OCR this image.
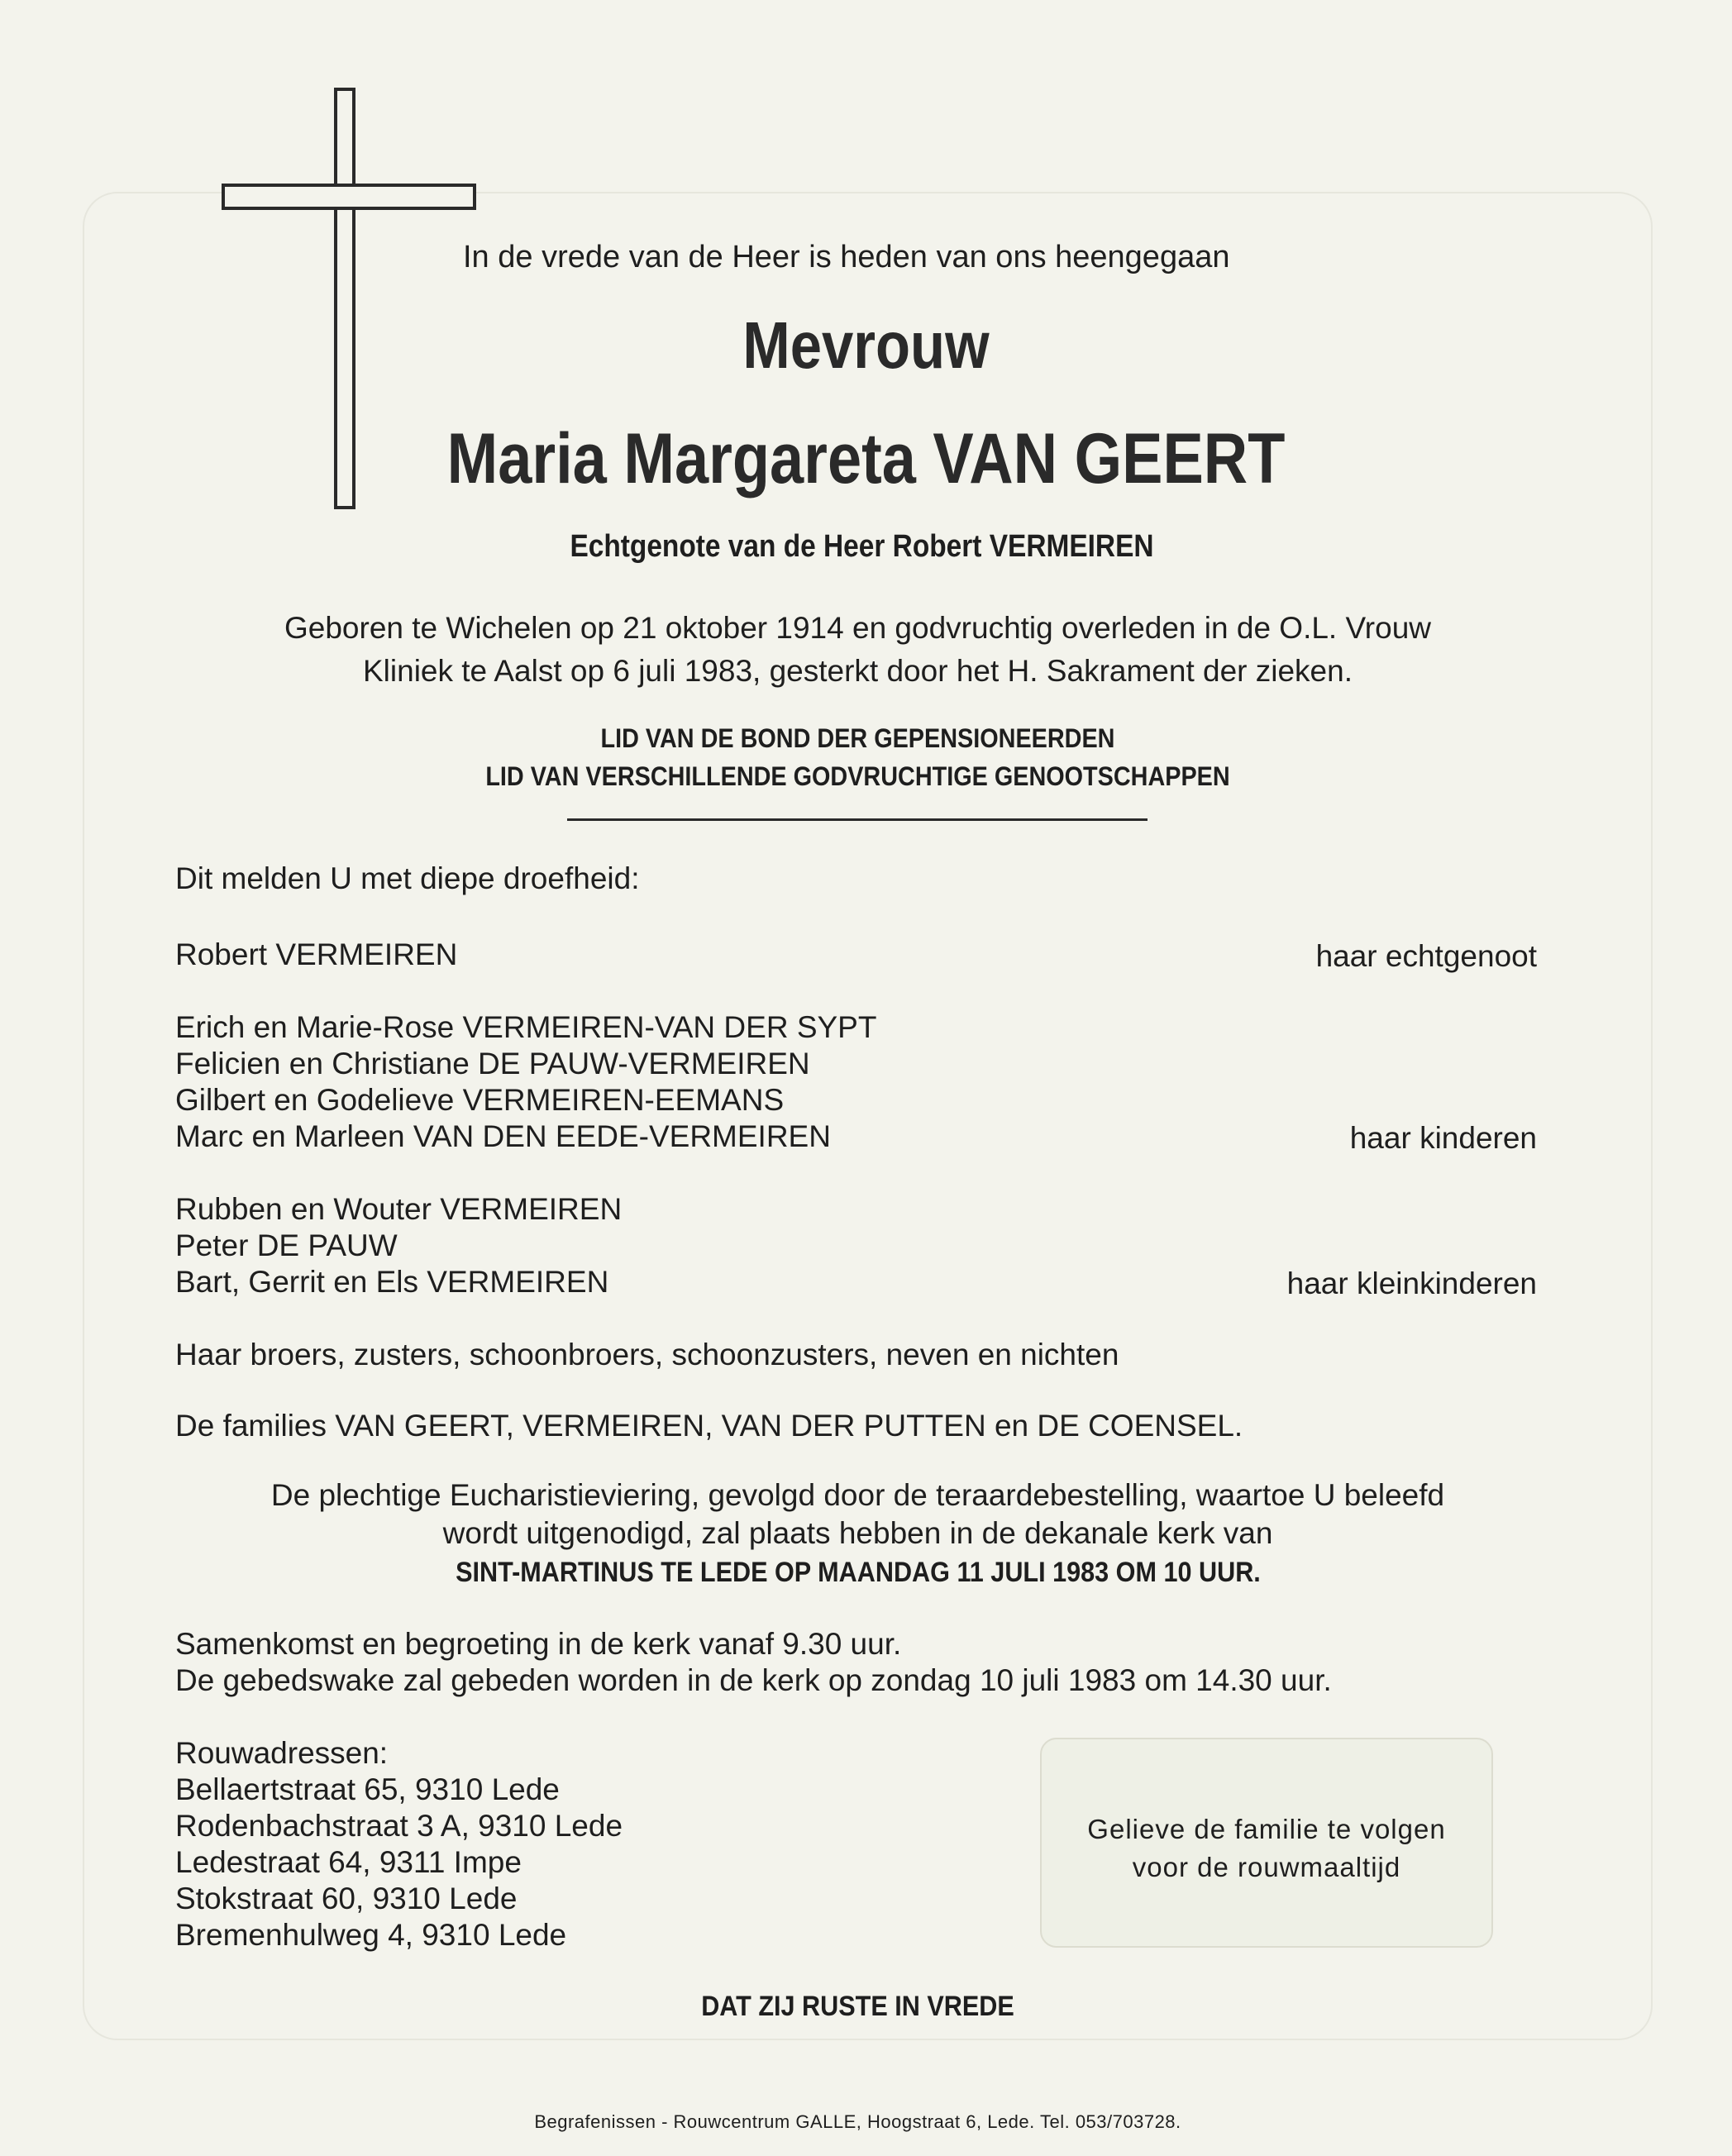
In de vrede van de Heer is heden van ons heengegaan
Mevrouw
Maria Margareta VAN GEERT
Echtgenote van de Heer Robert VERMEIREN
Geboren te Wichelen op 21 oktober 1914 en godvruchtig overleden in de O.L. Vrouw
Kliniek te Aalst op 6 juli 1983, gesterkt door het H. Sakrament der zieken.
LID VAN DE BOND DER GEPENSIONEERDEN
LID VAN VERSCHILLENDE GODVRUCHTIGE GENOOTSCHAPPEN
Dit melden U met diepe droefheid:
Robert VERMEIREN	haar echtgenoot
Erich en Marie-Rose VERMEIREN-VAN DER SYPT
Felicien en Christiane DE PAUW-VERMEIREN
Gilbert en Godelieve VERMEIREN-EEMANS
Marc en Marleen VAN DEN EEDE-VERMEIREN	haar kinderen
Rubben en Wouter VERMEIREN
Peter DE PAUW
Bart, Gerrit en Els VERMEIREN	haar kleinkinderen
Haar broers, zusters, schoonbroers, schoonzusters, neven en nichten
De families VAN GEERT, VERMEIREN, VAN DER PUTTEN en DE COENSEL.
De plechtige Eucharistieviering, gevolgd door de teraardebestelling, waartoe U beleefd
wordt uitgenodigd, zal plaats hebben in de dekanale kerk van
SINT-MARTINUS TE LEDE OP MAANDAG 11 JULI 1983 OM 10 UUR.
Samenkomst en begroeting in de kerk vanaf 9.30 uur.
De gebedswake zal gebeden worden in de kerk op zondag 10 juli 1983 om 14.30 uur.
Rouwadressen:
Bellaertstraat 65, 9310 Lede
Rodenbachstraat 3 A, 9310 Lede
Ledestraat 64, 9311 Impe
Stokstraat 60, 9310 Lede
Bremenhulweg 4, 9310 Lede
Gelieve de familie te volgen
voor de rouwmaaltijd
DAT ZIJ RUSTE IN VREDE
Begrafenissen - Rouwcentrum GALLE, Hoogstraat 6, Lede. Tel. 053/703728.
